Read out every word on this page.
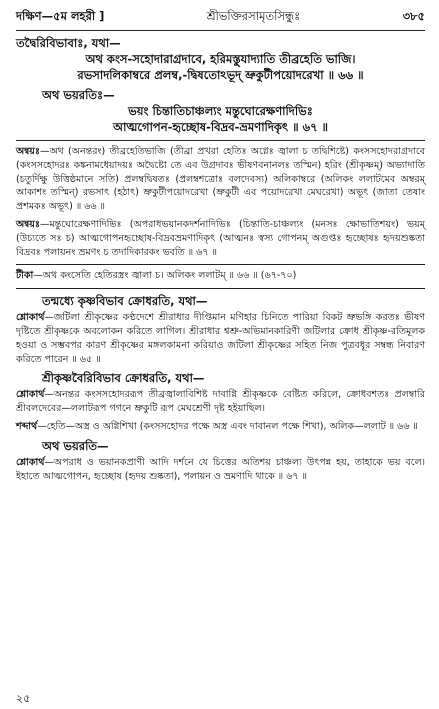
দক্ষিণ—৫ম লহরী ]	শ্রীভক্তিরসামৃতসিন্ধুঃ	৩৮৫
তদ্বৈরিবিভাবাঃ, যথা—
অথ কংস-সহোদারাগ্রদাবে, হরিমস্তু্যাদ্যাতি তীব্রহেতি ভাজি।
রভসাদলিকাম্বরে প্রলম্ব,-দ্বিষতোঽভূদ্ ভ্রুকুটীপয়োদরেখা ॥ ৬৬ ॥
অথ ভয়রতিঃ—
ভয়ং চিন্তাতিচাঞ্চল্যং মন্তুঘোরেক্ষণাদিভিঃ
আত্মগোপন-হৃচ্ছোষ-বিদ্রব-ভ্রমণাদিকৃৎ ॥ ৬৭ ॥
অন্বয়ঃ—অথ (অনন্তরং) তীব্রহেতিভাজি (তীব্রা প্রখরা হেতিঃ অগ্নেঃ জ্বালা চ তদ্বিশিষ্টে) কংসসহোদরাগ্রদাবে (কংসসহোদরঃ কঙ্কনামধেয়াদয়ঃ অদ্বৈষ্টো তে এব উগ্রদাবঃ ভীষণবনানলঃ তস্মিন) হরিং (শ্রীকৃষ্ণম্) অভ্যাদাতি (চতুর্দিক্ষু উত্তিষ্ঠমানে সতি) প্রলম্বদ্বিষতঃ (প্রলম্বশত্রোঃ বলদেবস্য) অলিকাম্বরে (অলিকং ললাটমেব অম্বরম্ আকাশং তস্মিন্) রভসাৎ (হঠাৎ) ভ্রুকুটীপয়োদরেখা (ভ্রুকুটী এব পয়োদরেখা মেঘরেখা) অভূৎ (জাতা তেষাং প্রশমকঃ অভূৎ) ॥ ৬৬ ॥
অন্বয়ঃ—মন্তুঘোরেক্ষণাদিভিঃ (অপরাধভয়ানকদর্শনাদিভিঃ (চিন্তাতি-চাঞ্চল্যং (মনসঃ ক্ষোভাতিশয়ং) ভয়ম্ (উচ্যতে সঃ চ) আত্মগোপনহৃচ্ছোষ-বিদ্রবভ্রমণাদিকৃৎ (আত্মনঃ স্বস্য গোপনম্ অগুপ্তঃ হৃচ্ছোষঃ হৃদয়শুষ্কতা বিদ্রবঃ পলায়নং ভ্রমণং চ তদাদিকারকং ভবতি ॥ ৬৭ ॥
টীকা—অথ কংসেতি হেতিরস্ত্রং জ্বালা চ। অলিকং ললাটম্ ॥ ৬৬ ॥ (৬৭-৭০)
তন্মধ্যে কৃষ্ণবিভাব ক্রোধরতি, যথা—
শ্লোকার্থ—জটিলা শ্রীকৃষ্ণের কণ্ঠদেশে শ্রীরাধার দীপ্তিমান মণিহার চিনিতে পারিয়া বিকট ভ্রুভঙ্গি করতঃ ভীষণ দৃষ্টিতে শ্রীকৃষ্ণকে অবলোকন করিতে লাগিল। শ্রীরাধার শ্বশ্রু-অভিমানকারিণী জটিলার ক্রোধ শ্রীকৃষ্ণ-রতিমূলক হওয়া ও সম্ভবপর কারণ শ্রীকৃষ্ণের মঙ্গলকামনা করিয়াও জটিলা শ্রীকৃষ্ণের সহিত নিজ পুত্রবধূর সম্বন্ধ নিবারণ করিতে পারেন ॥ ৬৫ ॥
শ্রীকৃষ্ণবৈরিবিভাব ক্রোধরতি, যথা—
শ্লোকার্থ—অনন্তর কংসসহোদররূপ তীব্রজ্বালাবিশিষ্ট দাবাগ্নি শ্রীকৃষ্ণকে বেষ্টিত করিলে, ক্রোধবশতঃ প্রলম্বারি শ্রীবলদেবের—ললাটরূপ গগনে ভ্রুকুটি রূপ মেঘশ্রেণী দৃষ্ট হইয়াছিল।
শব্দার্থ—হেতি—অস্ত্র ও অগ্নিশিখা (কংসসহোদর পক্ষে অস্ত্র এবং দাবানল পক্ষে শিখা), অলিক—ললাট ॥ ৬৬ ॥
অথ ভয়রতি—
শ্লোকার্থ—অপরাধ ও ভয়ানকপ্রাণী আদি দর্শনে যে চিত্তের অতিশয় চাঞ্চল্য উৎপন্ন হয়, তাহাকে ভয় বলে। ইহাতে আত্মগোপন, হৃচ্ছোষ (হৃদয় শুষ্কতা), পলায়ন ও ভ্রমণাদি থাকে ॥ ৬৭ ॥
২৫
